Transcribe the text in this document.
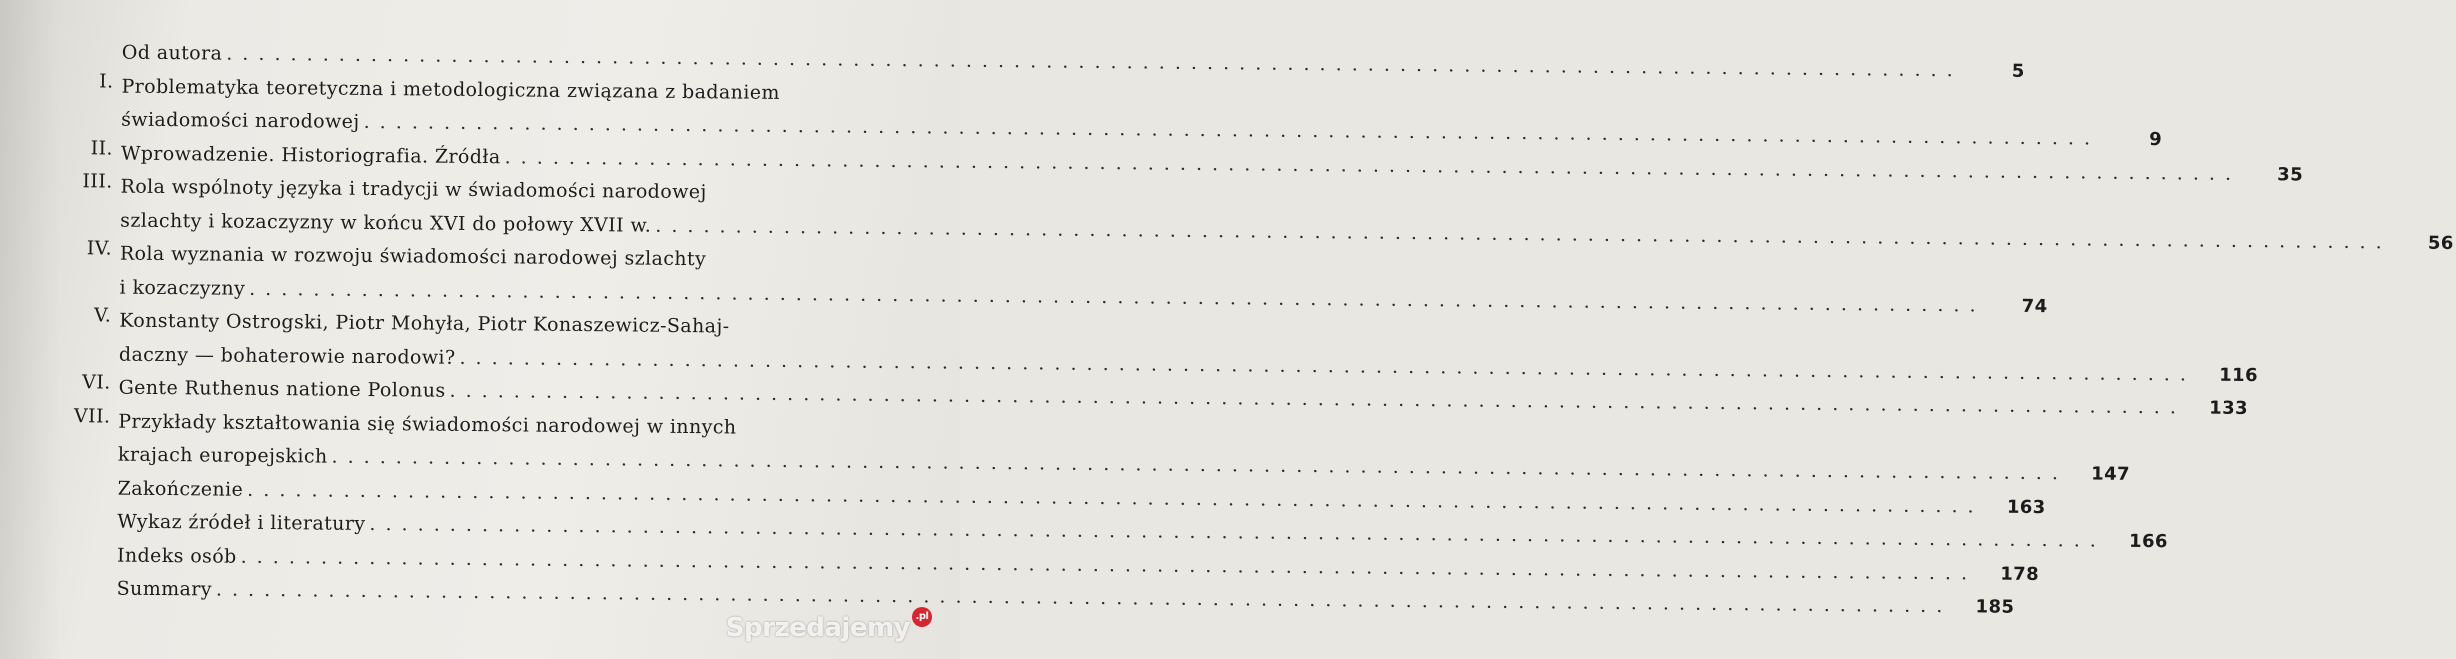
Od autora
. . .
5
I. Problematyka teoretyczna i metodologiczna związana z badaniem
świadomości narodowej
. . .
9
II. Wprowadzenie. Historiografia. Źródła
. . .
35
III. Rola wspólnoty języka i tradycji w świadomości narodowej
szlachty i kozaczyzny w końcu XVI do połowy XVII w.
. . .
56
IV. Rola wyznania w rozwoju świadomości narodowej szlachty
i kozaczyzny
. . .
74
V. Konstanty Ostrogski, Piotr Mohyła, Piotr Konaszewicz-Sahaj-
daczny — bohaterowie narodowi?
. . .
116
VI. Gente Ruthenus natione Polonus
. . .
133
VII. Przykłady kształtowania się świadomości narodowej w innych
krajach europejskich
. . .
147
Zakończenie
. . .
163
Wykaz źródeł i literatury
. . .
166
Indeks osób
. . .
178
Summary
. . .
185
Sprzedajemy .pl
